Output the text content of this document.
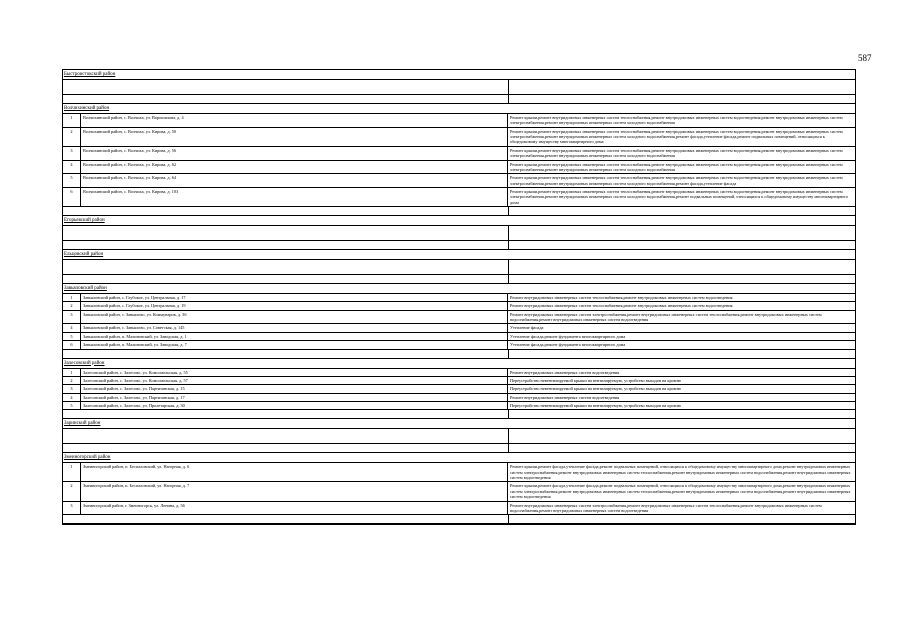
587
Быстроистокский район
Волчихинский район
1	Волчихинский район, с. Волчиха, ул. Ворошилова, д. 4	Ремонт крыши,ремонт внутридомовых инженерных систем теплоснабжения,ремонт внутридомовых инженерных систем водоотведения,ремонт внутридомовых инженерных систем электроснабжения,ремонт внутридомовых инженерных систем холодного водоснабжения
2	Волчихинский район, с. Волчиха, ул. Кирова, д. 50	Ремонт крыши,ремонт внутридомовых инженерных систем теплоснабжения,ремонт внутридомовых инженерных систем водоотведения,ремонт внутридомовых инженерных систем электроснабжения,ремонт внутридомовых инженерных систем холодного водоснабжения,ремонт фасада,утепление фасада,ремонт подвальных помещений, относящихся к общедомовому имуществу многоквартирного дома
3	Волчихинский район, с. Волчиха, ул. Кирова, д. 56	Ремонт крыши,ремонт внутридомовых инженерных систем теплоснабжения,ремонт внутридомовых инженерных систем водоотведения,ремонт внутридомовых инженерных систем электроснабжения,ремонт внутридомовых инженерных систем холодного водоснабжения
4	Волчихинский район, с. Волчиха, ул. Кирова, д. 62	Ремонт крыши,ремонт внутридомовых инженерных систем теплоснабжения,ремонт внутридомовых инженерных систем водоотведения,ремонт внутридомовых инженерных систем электроснабжения,ремонт внутридомовых инженерных систем холодного водоснабжения
5	Волчихинский район, с. Волчиха, ул. Кирова, д. 64	Ремонт крыши,ремонт внутридомовых инженерных систем теплоснабжения,ремонт внутридомовых инженерных систем водоотведения,ремонт внутридомовых инженерных систем электроснабжения,ремонт внутридомовых инженерных систем холодного водоснабжения,ремонт фасада,утепление фасада
6	Волчихинский район, с. Волчиха, ул. Кирова, д. 103	Ремонт крыши,ремонт внутридомовых инженерных систем теплоснабжения,ремонт внутридомовых инженерных систем водоотведения,ремонт внутридомовых инженерных систем электроснабжения,ремонт внутридомовых инженерных систем холодного водоснабжения,ремонт подвальных помещений, относящихся к общедомовому имуществу многоквартирного дома
Егорьевский район
Ельцовский район
Завьяловский район
1	Завьяловский район, с. Глубокое, ул. Центральная, д. 17	Ремонт внутридомовых инженерных систем теплоснабжения,ремонт внутридомовых инженерных систем водоотведения
2	Завьяловский район, с. Глубокое, ул. Центральная, д. 19	Ремонт внутридомовых инженерных систем теплоснабжения,ремонт внутридомовых инженерных систем водоотведения
3	Завьяловский район, с. Завьялово, ул. Коммунаров, д. 36	Ремонт внутридомовых инженерных систем электроснабжения,ремонт внутридомовых инженерных систем теплоснабжения,ремонт внутридомовых инженерных систем водоснабжения,ремонт внутридомовых инженерных систем водоотведения
4	Завьяловский район, с. Завьялово, ул. Советская, д. 145	Утепление фасада
5	Завьяловский район, п. Малиновский, ул. Заводская, д. 1	Утепление фасада,ремонт фундамента многоквартирного дома
6	Завьяловский район, п. Малиновский, ул. Заводская, д. 7	Утепление фасада,ремонт фундамента многоквартирного дома
Залесовский район
1	Залесовский район, с. Залесово, ул. Комсомольская, д. 55	Ремонт внутридомовых инженерных систем водоотведения
2	Залесовский район, с. Залесово, ул. Комсомольская, д. 57	Переустройство невентилируемой крыши на вентилируемую, устройство выходов на кровлю
3	Залесовский район, с. Залесово, ул. Партизанская, д. 15	Переустройство невентилируемой крыши на вентилируемую, устройство выходов на кровлю
4	Залесовский район, с. Залесово, ул. Партизанская, д. 17	Ремонт внутридомовых инженерных систем водоотведения
5	Залесовский район, с. Залесово, ул. Пролетарская, д. 30	Переустройство невентилируемой крыши на вентилируемую, устройство выходов на кровлю
Заринский район
Змеиногорский район
1	Змеиногорский район, п. Беспаловский, ул. Нагорная, д. 6	Ремонт крыши,ремонт фасада,утепление фасада,ремонт подвальных помещений, относящихся к общедомовому имуществу многоквартирного дома,ремонт внутридомовых инженерных систем электроснабжения,ремонт внутридомовых инженерных систем теплоснабжения,ремонт внутридомовых инженерных систем водоснабжения,ремонт внутридомовых инженерных систем водоотведения
2	Змеиногорский район, п. Беспаловский, ул. Нагорная, д. 7	Ремонт крыши,ремонт фасада,утепление фасада,ремонт подвальных помещений, относящихся к общедомовому имуществу многоквартирного дома,ремонт внутридомовых инженерных систем электроснабжения,ремонт внутридомовых инженерных систем теплоснабжения,ремонт внутридомовых инженерных систем водоснабжения,ремонт внутридомовых инженерных систем водоотведения
3	Змеиногорский район, г. Змеиногорск, ул. Ленина, д. 56	Ремонт внутридомовых инженерных систем электроснабжения,ремонт внутридомовых инженерных систем теплоснабжения,ремонт внутридомовых инженерных систем водоснабжения,ремонт внутридомовых инженерных систем водоотведения
